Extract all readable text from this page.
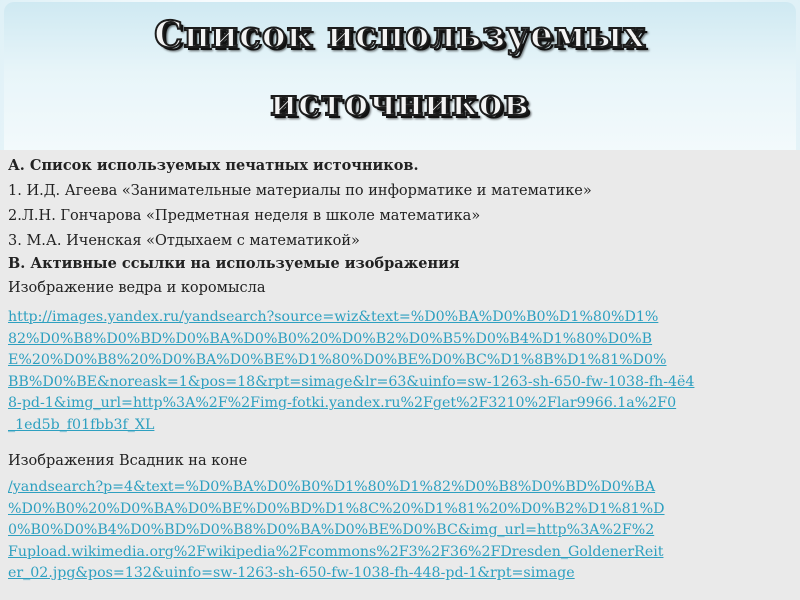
Список используемых
источников
А. Список используемых печатных источников.
1. И.Д. Агеева «Занимательные материалы по информатике и математике»
2.Л.Н. Гончарова «Предметная неделя в школе математика»
3. М.А. Иченская «Отдыхаем с математикой»
В. Активные ссылки на используемые изображения
Изображение ведра и коромысла
http://images.yandex.ru/yandsearch?source=wiz&text=%D0%BA%D0%B0%D1%80%D1%
82%D0%B8%D0%BD%D0%BA%D0%B0%20%D0%B2%D0%B5%D0%B4%D1%80%D0%B
E%20%D0%B8%20%D0%BA%D0%BE%D1%80%D0%BE%D0%BC%D1%8B%D1%81%D0%
BB%D0%BE&noreask=1&pos=18&rpt=simage&lr=63&uinfo=sw-1263-sh-650-fw-1038-fh-4ё4
8-pd-1&img_url=http%3A%2F%2Fimg-fotki.yandex.ru%2Fget%2F3210%2Flar9966.1a%2F0
_1ed5b_f01fbb3f_XL
Изображения Всадник на коне
/yandsearch?p=4&text=%D0%BA%D0%B0%D1%80%D1%82%D0%B8%D0%BD%D0%BA
%D0%B0%20%D0%BA%D0%BE%D0%BD%D1%8C%20%D1%81%20%D0%B2%D1%81%D
0%B0%D0%B4%D0%BD%D0%B8%D0%BA%D0%BE%D0%BC&img_url=http%3A%2F%2
Fupload.wikimedia.org%2Fwikipedia%2Fcommons%2F3%2F36%2FDresden_GoldenerReit
er_02.jpg&pos=132&uinfo=sw-1263-sh-650-fw-1038-fh-448-pd-1&rpt=simage
